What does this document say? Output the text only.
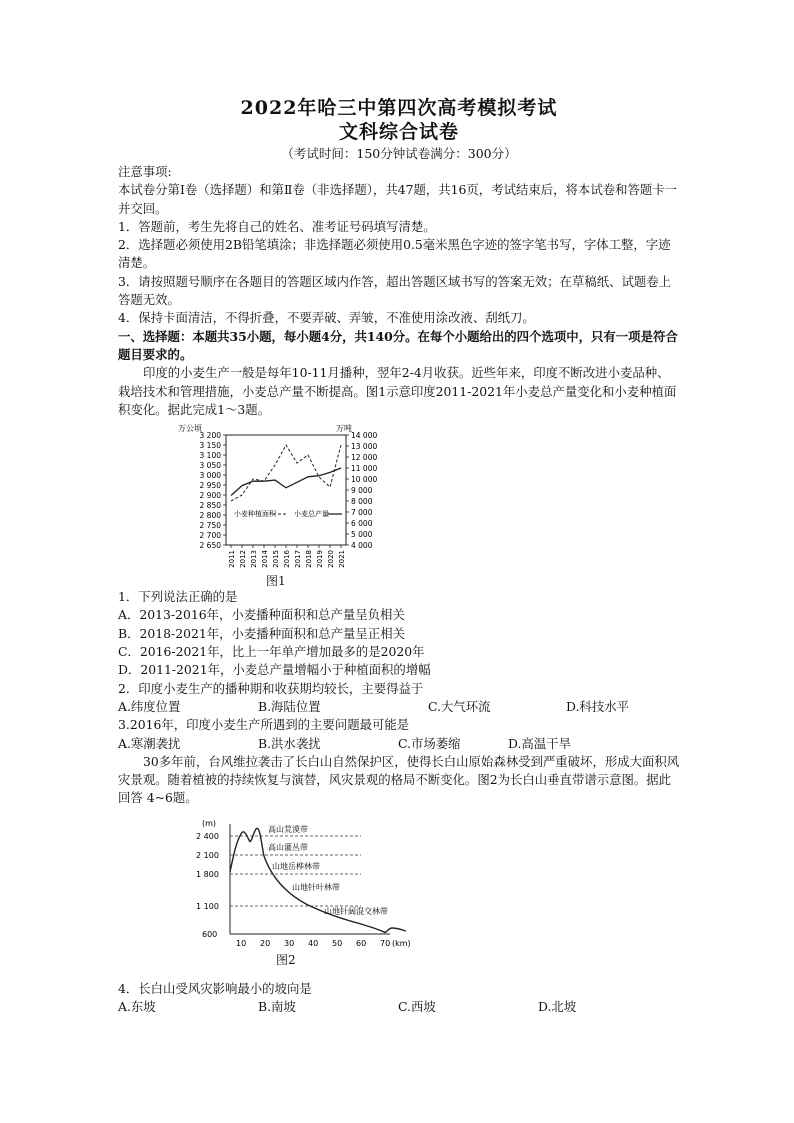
2022年哈三中第四次高考模拟考试
文科综合试卷
（考试时间：150分钟试卷满分：300分）

注意事项:

本试卷分第Ⅰ卷（选择题）和第Ⅱ卷（非选择题），共47题，共16页，考试结束后，将本试卷和答题卡一并交回。

1．答题前，考生先将自己的姓名、准考证号码填写清楚。

2．选择题必须使用2B铅笔填涂；非选择题必须使用0.5毫米黑色字迹的签字笔书写，字体工整，字迹清楚。

3．请按照题号顺序在各题目的答题区域内作答，超出答题区域书写的答案无效；在草稿纸、试题卷上答题无效。

4．保持卡面清洁，不得折叠，不要弄破、弄皱，不准使用涂改液、刮纸刀。

一、选择题：本题共35小题，每小题4分，共140分。在每个小题给出的四个选项中，只有一项是符合题目要求的。

印度的小麦生产一般是每年10-11月播种，翌年2-4月收获。近些年来，印度不断改进小麦品种、栽培技术和管理措施，小麦总产量不断提高。图1示意印度2011-2021年小麦总产量变化和小麦种植面积变化。据此完成1～3题。

万公顷	万吨
3 200
3 150
3 100
3 050
3 000
2 950
2 900
2 850
2 800
2 750
2 700
2 650
14 000
13 000
12 000
11 000
10 000
9 000
8 000
7 000
6 000
5 000
4 000
2011 2012 2013 2014 2015 2016 2017 2018 2019 2020 2021
小麦种植面积	小麦总产量
图1

1．下列说法正确的是

A．2013-2016年，小麦播种面积和总产量呈负相关

B．2018-2021年，小麦播种面积和总产量呈正相关

C．2016-2021年，比上一年单产增加最多的是2020年

D．2011-2021年，小麦总产量增幅小于种植面积的增幅

2．印度小麦生产的播种期和收获期均较长，主要得益于

A.纬度位置	B.海陆位置	C.大气环流	D.科技水平

3.2016年，印度小麦生产所遇到的主要问题最可能是

A.寒潮袭扰	B.洪水袭扰	C.市场萎缩	D.高温干旱

30多年前，台风维拉袭击了长白山自然保护区，使得长白山原始森林受到严重破坏，形成大面积风灾景观。随着植被的持续恢复与演替，风灾景观的格局不断变化。图2为长白山垂直带谱示意图。据此回答 4~6题。

(m)
2 400
2 100
1 800
1 100
600
高山荒漠带
高山灌丛带
山地岳桦林带
山地针叶林带
山地针阔混交林带
10 20 30 40 50 60 70 (km)
图2

4．长白山受风灾影响最小的坡向是

A.东坡	B.南坡	C.西坡	D.北坡
